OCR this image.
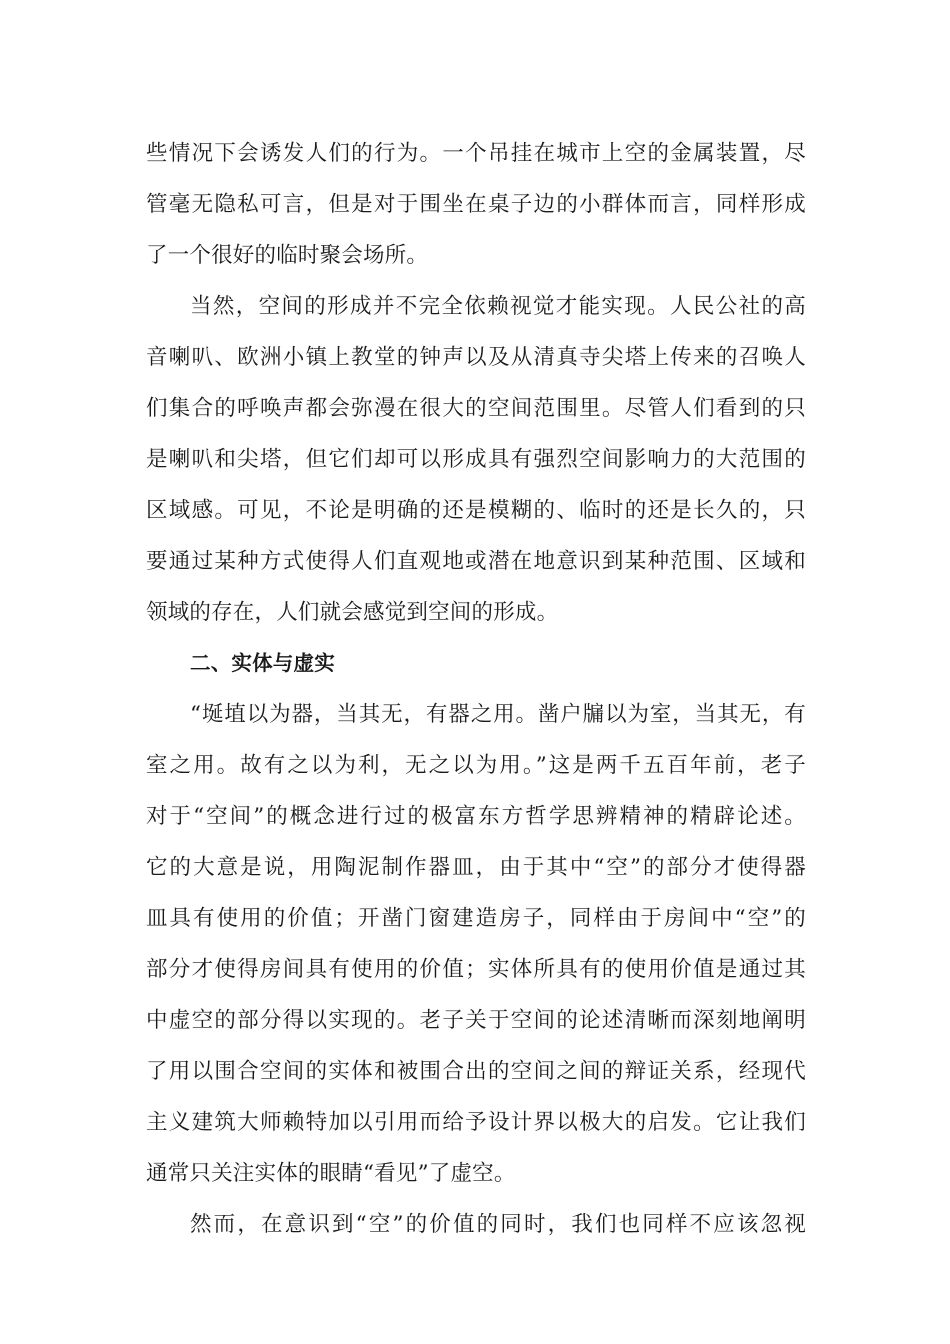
些情况下会诱发人们的行为。一个吊挂在城市上空的金属装置，尽
管毫无隐私可言，但是对于围坐在桌子边的小群体而言，同样形成
了一个很好的临时聚会场所。
当然，空间的形成并不完全依赖视觉才能实现。人民公社的高
音喇叭、欧洲小镇上教堂的钟声以及从清真寺尖塔上传来的召唤人
们集合的呼唤声都会弥漫在很大的空间范围里。尽管人们看到的只
是喇叭和尖塔，但它们却可以形成具有强烈空间影响力的大范围的
区域感。可见，不论是明确的还是模糊的、临时的还是长久的，只
要通过某种方式使得人们直观地或潜在地意识到某种范围、区域和
领域的存在，人们就会感觉到空间的形成。
二、实体与虚实
“埏埴以为器，当其无，有器之用。凿户牖以为室，当其无，有
室之用。故有之以为利，无之以为用。”这是两千五百年前，老子
对于“空间”的概念进行过的极富东方哲学思辨精神的精辟论述。
它的大意是说，用陶泥制作器皿，由于其中“空”的部分才使得器
皿具有使用的价值；开凿门窗建造房子，同样由于房间中“空”的
部分才使得房间具有使用的价值；实体所具有的使用价值是通过其
中虚空的部分得以实现的。老子关于空间的论述清晰而深刻地阐明
了用以围合空间的实体和被围合出的空间之间的辩证关系，经现代
主义建筑大师赖特加以引用而给予设计界以极大的启发。它让我们
通常只关注实体的眼睛“看见”了虚空。
然而，在意识到“空”的价值的同时，我们也同样不应该忽视
